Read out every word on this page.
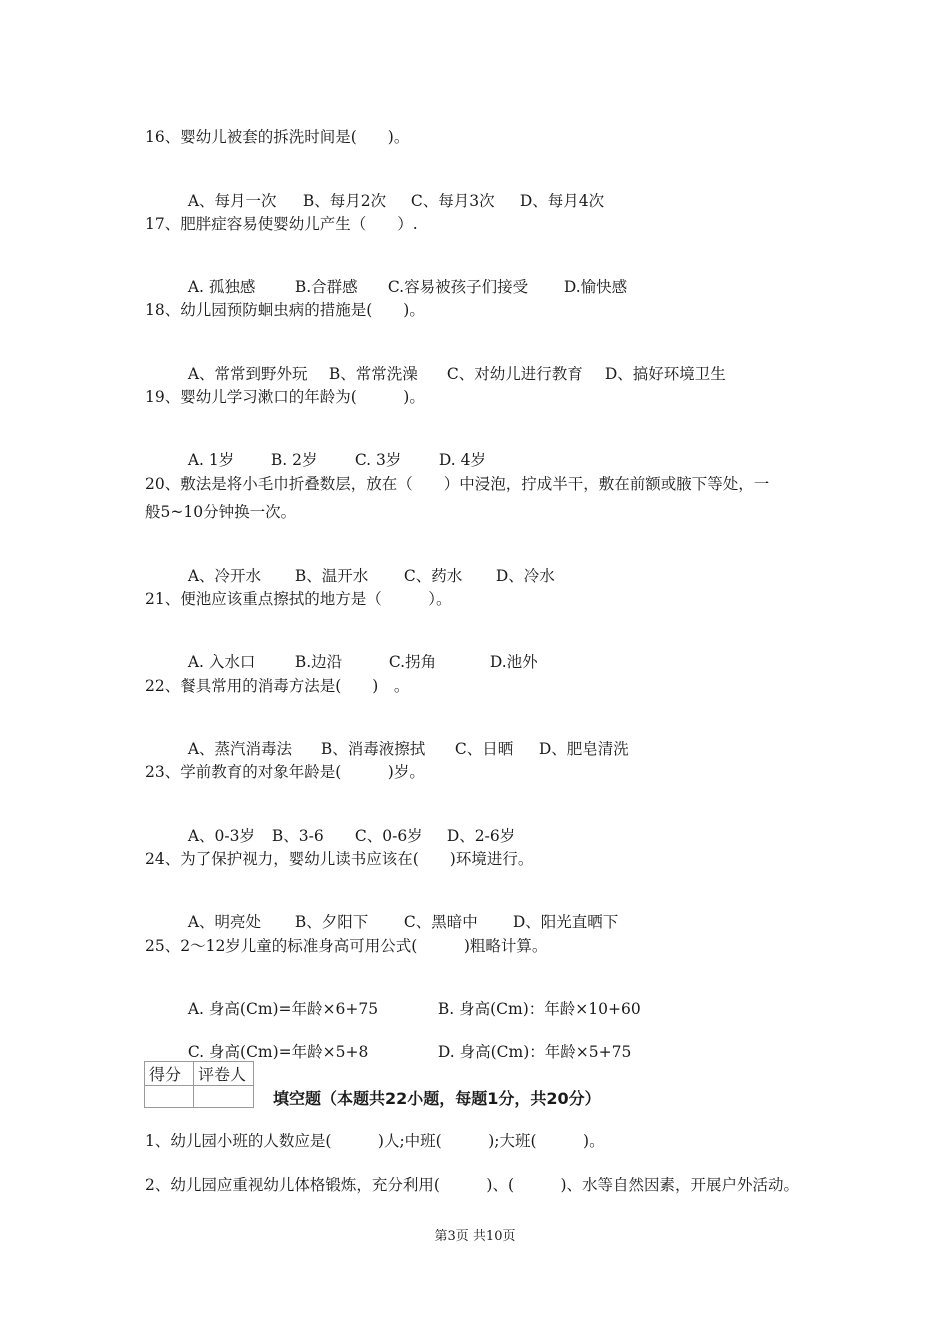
16、婴幼儿被套的拆洗时间是(　　)。

A、每月一次 B、每月2次 C、每月3次 D、每月4次

17、肥胖症容易使婴幼儿产生（　　）.

A. 孤独感	B.合群感 C.容易被孩子们接受 D.愉快感

18、幼儿园预防蛔虫病的措施是(　　)。

A、常常到野外玩 B、常常洗澡 C、对幼儿进行教育 D、搞好环境卫生

19、婴幼儿学习漱口的年龄为(　　　)。

A. 1岁 B. 2岁 C. 3岁 D. 4岁

20、敷法是将小毛巾折叠数层，放在（　　）中浸泡，拧成半干，敷在前额或腋下等处，一
般5~10分钟换一次。

A、冷开水 B、温开水 C、药水 D、冷水

21、便池应该重点擦拭的地方是（　　　）。

A. 入水口	B.边沿	C.拐角	D.池外

22、餐具常用的消毒方法是(　　)　。

A、蒸汽消毒法 B、消毒液擦拭 C、日晒 D、肥皂清洗

23、学前教育的对象年龄是(　　　)岁。

A、0-3岁 B、3-6 C、0-6岁 D、2-6岁

24、为了保护视力，婴幼儿读书应该在(　　)环境进行。

A、明亮处 B、夕阳下 C、黑暗中 D、阳光直晒下

25、2～12岁儿童的标准身高可用公式(　　　)粗略计算。

A. 身高(Cm)=年龄×6+75	B. 身高(Cm)：年龄×10+60

C. 身高(Cm)=年龄×5+8	D. 身高(Cm)：年龄×5+75

得分	评卷人

填空题（本题共22小题，每题1分，共20分）
1、幼儿园小班的人数应是(　　　)人;中班(　　　);大班(　　　)。
2、幼儿园应重视幼儿体格锻炼，充分利用(　　　)、(　　　)、水等自然因素，开展户外活动。
第3页 共10页
